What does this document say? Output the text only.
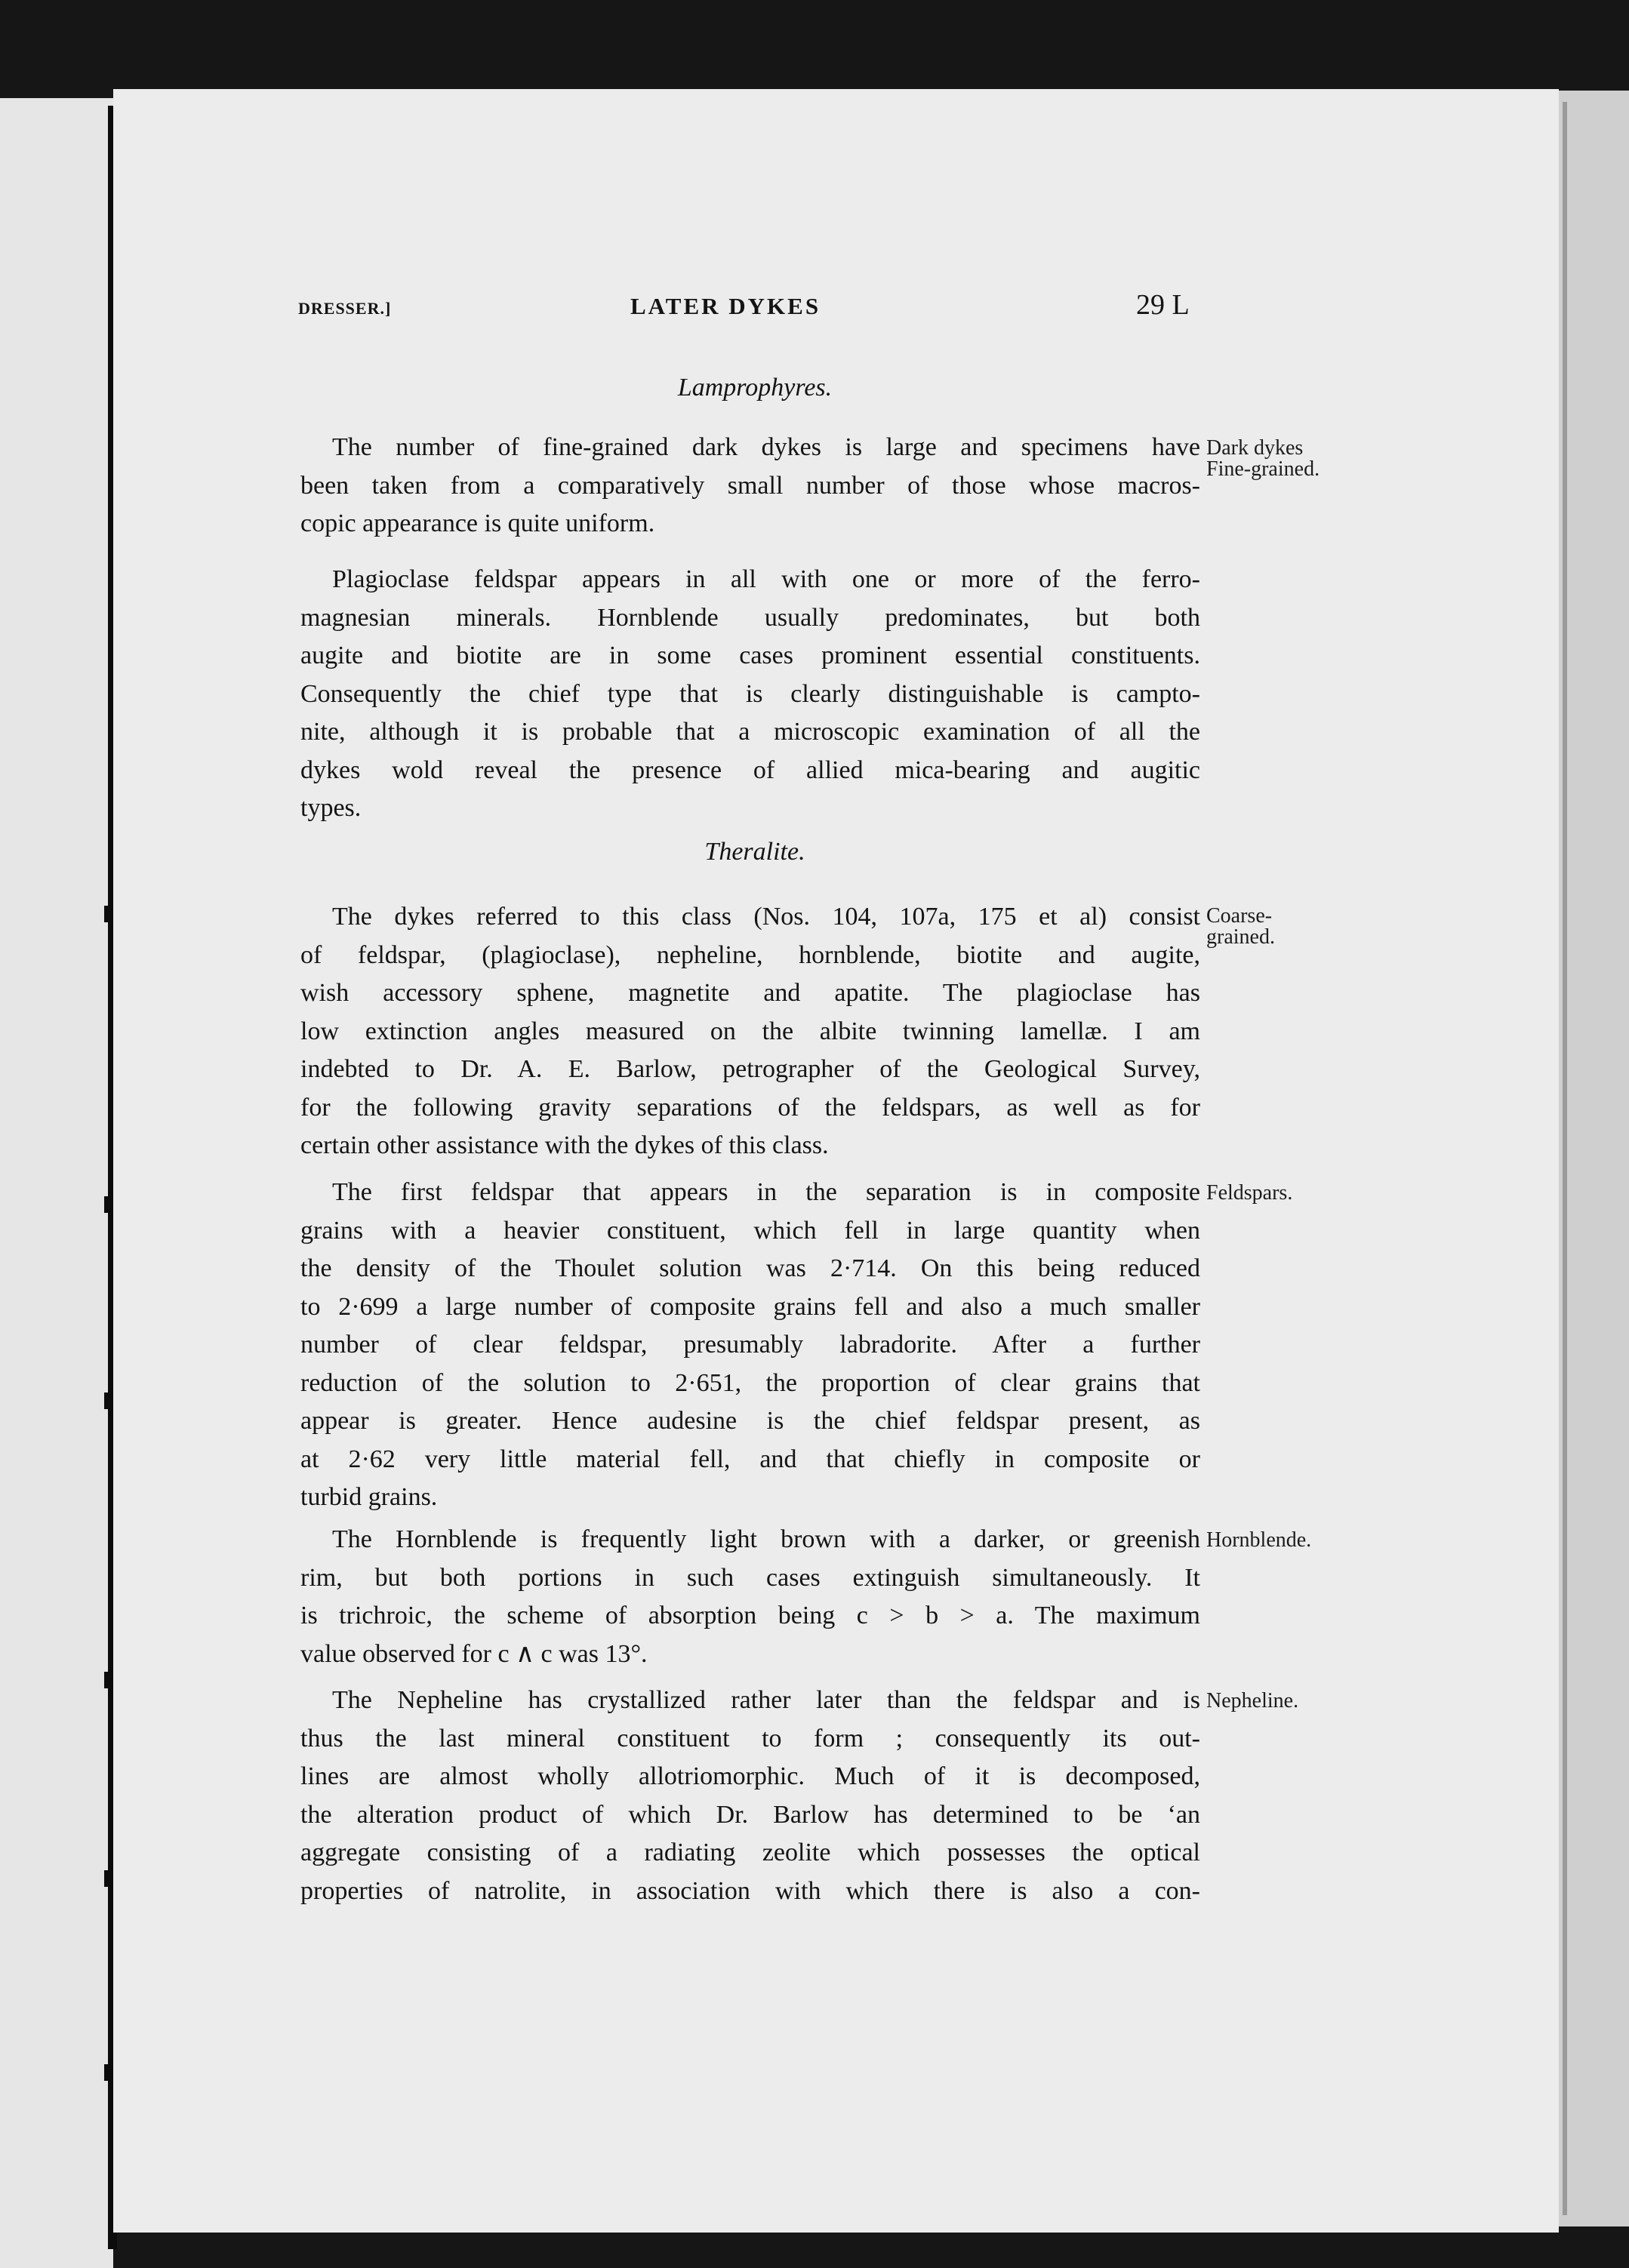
DRESSER.]	LATER DYKES	29 L
Lamprophyres.
The number of fine-grained dark dykes is large and specimens have
been taken from a comparatively small number of those whose macros-
copic appearance is quite uniform.
Dark dykes
Fine-grained.
Plagioclase feldspar appears in all with one or more of the ferro-
magnesian minerals. Hornblende usually predominates, but both
augite and biotite are in some cases prominent essential constituents.
Consequently the chief type that is clearly distinguishable is campto-
nite, although it is probable that a microscopic examination of all the
dykes wold reveal the presence of allied mica-bearing and augitic
types.
Theralite.
The dykes referred to this class (Nos. 104, 107a, 175 et al) consist
of feldspar, (plagioclase), nepheline, hornblende, biotite and augite,
wish accessory sphene, magnetite and apatite. The plagioclase has
low extinction angles measured on the albite twinning lamellæ. I am
indebted to Dr. A. E. Barlow, petrographer of the Geological Survey,
for the following gravity separations of the feldspars, as well as for
certain other assistance with the dykes of this class.
Coarse-
grained.
The first feldspar that appears in the separation is in composite
grains with a heavier constituent, which fell in large quantity when
the density of the Thoulet solution was 2·714. On this being reduced
to 2·699 a large number of composite grains fell and also a much smaller
number of clear feldspar, presumably labradorite. After a further
reduction of the solution to 2·651, the proportion of clear grains that
appear is greater. Hence audesine is the chief feldspar present, as
at 2·62 very little material fell, and that chiefly in composite or
turbid grains.
Feldspars.
The Hornblende is frequently light brown with a darker, or greenish
rim, but both portions in such cases extinguish simultaneously. It
is trichroic, the scheme of absorption being c > b > a. The maximum
value observed for c ∧ c was 13°.
Hornblende.
The Nepheline has crystallized rather later than the feldspar and is
thus the last mineral constituent to form ; consequently its out-
lines are almost wholly allotriomorphic. Much of it is decomposed,
the alteration product of which Dr. Barlow has determined to be ‘an
aggregate consisting of a radiating zeolite which possesses the optical
properties of natrolite, in association with which there is also a con-
Nepheline.
